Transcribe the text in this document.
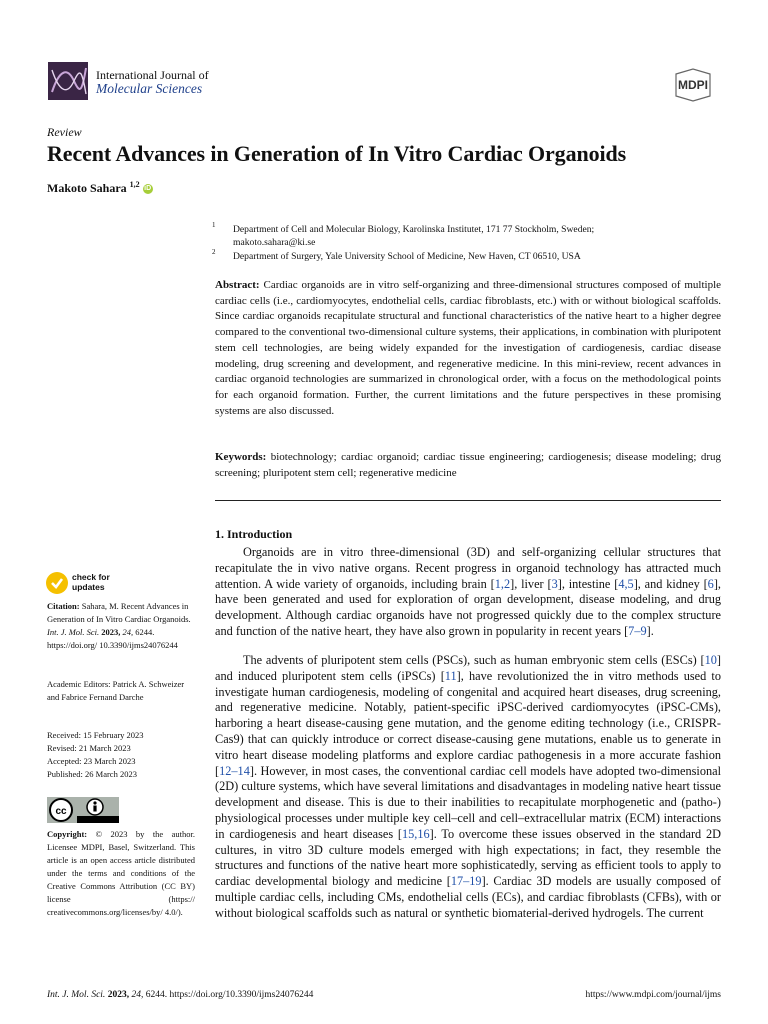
International Journal of
Molecular Sciences	MDPI
Review
Recent Advances in Generation of In Vitro Cardiac Organoids
Makoto Sahara $^{1,2}$ iD
1	Department of Cell and Molecular Biology, Karolinska Institutet, 171 77 Stockholm, Sweden;
makoto.sahara@ki.se
2	Department of Surgery, Yale University School of Medicine, New Haven, CT 06510, USA
Abstract: Cardiac organoids are in vitro self-organizing and three-dimensional structures composed of multiple cardiac cells (i.e., cardiomyocytes, endothelial cells, cardiac fibroblasts, etc.) with or without biological scaffolds. Since cardiac organoids recapitulate structural and functional characteristics of the native heart to a higher degree compared to the conventional two-dimensional culture systems, their applications, in combination with pluripotent stem cell technologies, are being widely expanded for the investigation of cardiogenesis, cardiac disease modeling, drug screening and development, and regenerative medicine. In this mini-review, recent advances in cardiac organoid technologies are summarized in chronological order, with a focus on the methodological points for each organoid formation. Further, the current limitations and the future perspectives in these promising systems are also discussed.
Keywords: biotechnology; cardiac organoid; cardiac tissue engineering; cardiogenesis; disease modeling; drug screening; pluripotent stem cell; regenerative medicine
1. Introduction
Organoids are in vitro three-dimensional (3D) and self-organizing cellular structures that recapitulate the in vivo native organs. Recent progress in organoid technology has attracted much attention. A wide variety of organoids, including brain [1,2], liver [3], intestine [4,5], and kidney [6], have been generated and used for exploration of organ development, disease modeling, and drug development. Although cardiac organoids have not progressed quickly due to the complex structure and function of the native heart, they have also grown in popularity in recent years [7–9].
The advents of pluripotent stem cells (PSCs), such as human embryonic stem cells (ESCs) [10] and induced pluripotent stem cells (iPSCs) [11], have revolutionized the in vitro methods used to investigate human cardiogenesis, modeling of congenital and acquired heart diseases, drug screening, and regenerative medicine. Notably, patient-specific iPSC-derived cardiomyocytes (iPSC-CMs), harboring a heart disease-causing gene mutation, and the genome editing technology (i.e., CRISPR-Cas9) that can quickly introduce or correct disease-causing gene mutations, enable us to generate in vitro heart disease modeling platforms and explore cardiac pathogenesis in a more accurate fashion [12–14]. However, in most cases, the conventional cardiac cell models have adopted two-dimensional (2D) culture systems, which have several limitations and disadvantages in modeling native heart tissue development and disease. This is due to their inabilities to recapitulate morphogenetic and (patho-) physiological processes under multiple key cell–cell and cell–extracellular matrix (ECM) interactions in cardiogenesis and heart diseases [15,16]. To overcome these issues observed in the standard 2D cultures, in vitro 3D culture models emerged with high expectations; in fact, they resemble the structures and functions of the native heart more sophisticatedly, serving as efficient tools to apply to cardiac developmental biology and medicine [17–19]. Cardiac 3D models are usually composed of multiple cardiac cells, including CMs, endothelial cells (ECs), and cardiac fibroblasts (CFBs), with or without biological scaffolds such as natural or synthetic biomaterial-derived hydrogels. The current
check for
updates
Citation: Sahara, M. Recent Advances in Generation of In Vitro Cardiac Organoids. Int. J. Mol. Sci. 2023, 24, 6244. https://doi.org/ 10.3390/ijms24076244
Academic Editors: Patrick A. Schweizer and Fabrice Fernand Darche
Received: 15 February 2023
Revised: 21 March 2023
Accepted: 23 March 2023
Published: 26 March 2023
cc
Copyright: © 2023 by the author. Licensee MDPI, Basel, Switzerland. This article is an open access article distributed under the terms and conditions of the Creative Commons Attribution (CC BY) license (https:// creativecommons.org/licenses/by/ 4.0/).
Int. J. Mol. Sci. 2023, 24, 6244. https://doi.org/10.3390/ijms24076244	https://www.mdpi.com/journal/ijms
